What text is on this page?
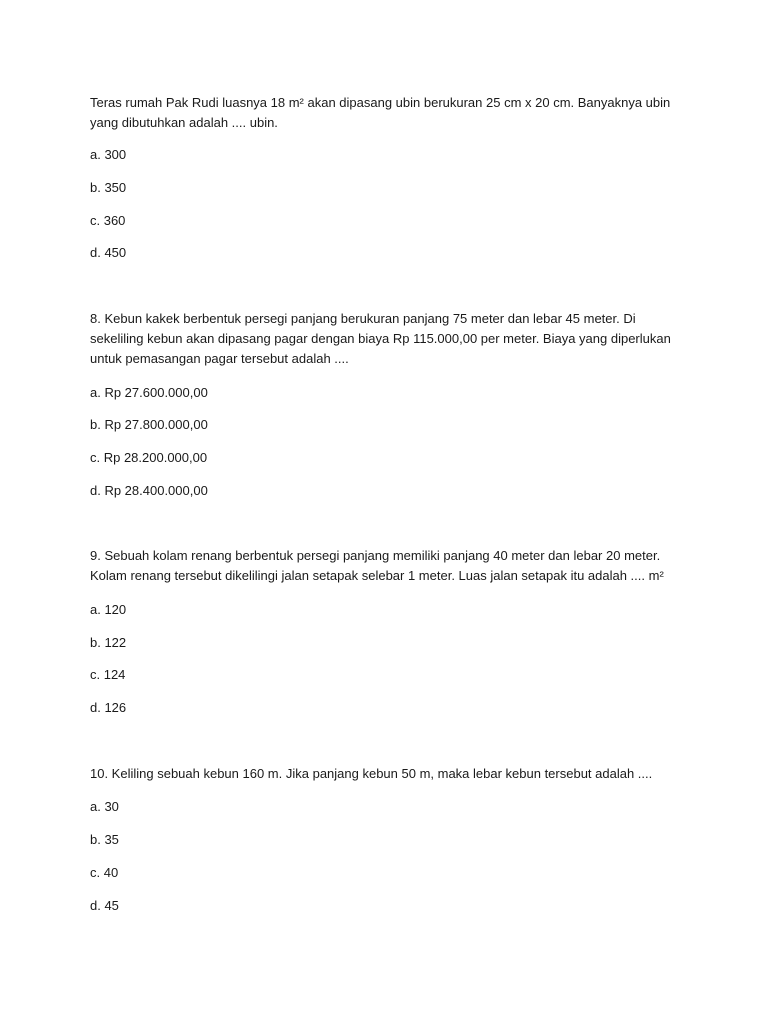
Teras rumah Pak Rudi luasnya 18 m² akan dipasang ubin berukuran 25 cm x 20 cm. Banyaknya ubin yang dibutuhkan adalah .... ubin.

a. 300

b. 350

c. 360

d. 450

8. Kebun kakek berbentuk persegi panjang berukuran panjang 75 meter dan lebar 45 meter. Di sekeliling kebun akan dipasang pagar dengan biaya Rp 115.000,00 per meter. Biaya yang diperlukan untuk pemasangan pagar tersebut adalah ....

a. Rp 27.600.000,00

b. Rp 27.800.000,00

c. Rp 28.200.000,00

d. Rp 28.400.000,00

9. Sebuah kolam renang berbentuk persegi panjang memiliki panjang 40 meter dan lebar 20 meter. Kolam renang tersebut dikelilingi jalan setapak selebar 1 meter. Luas jalan setapak itu adalah .... m²

a. 120

b. 122

c. 124

d. 126

10. Keliling sebuah kebun 160 m. Jika panjang kebun 50 m, maka lebar kebun tersebut adalah ....

a. 30

b. 35

c. 40

d. 45
